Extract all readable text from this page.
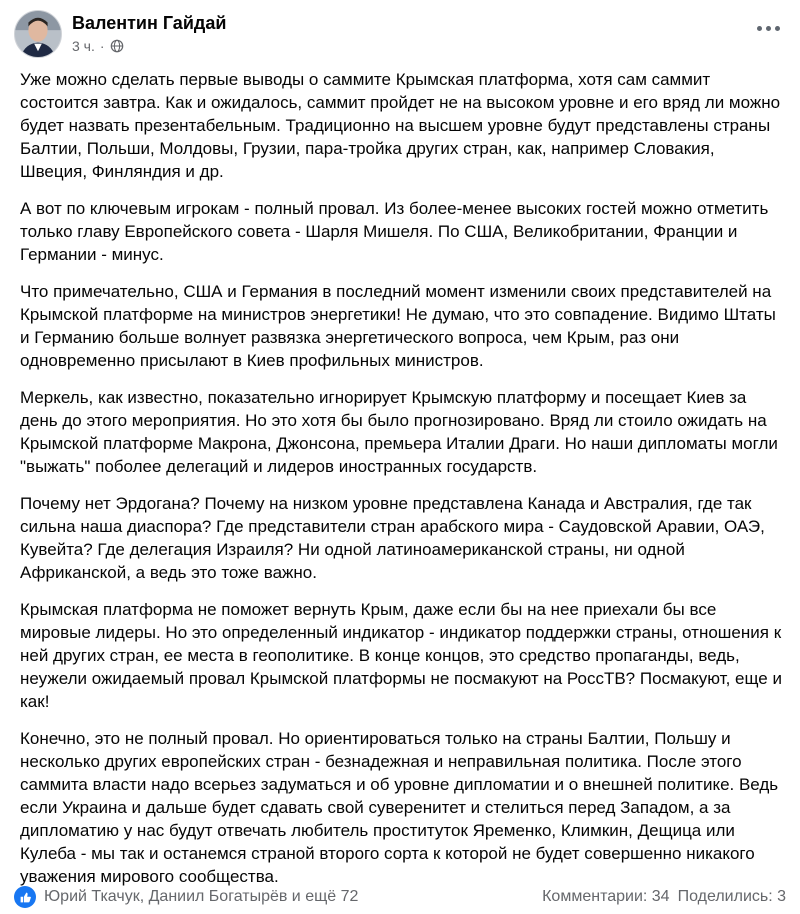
Валентин Гайдай
3 ч. ·

Уже можно сделать первые выводы о саммите Крымская платформа, хотя сам саммит состоится завтра. Как и ожидалось, саммит пройдет не на высоком уровне и его вряд ли можно будет назвать презентабельным. Традиционно на высшем уровне будут представлены страны Балтии, Польши, Молдовы, Грузии, пара-тройка других стран, как, например Словакия, Швеция, Финляндия и др.

А вот по ключевым игрокам - полный провал. Из более-менее высоких гостей можно отметить только главу Европейского совета - Шарля Мишеля. По США, Великобритании, Франции и Германии - минус.

Что примечательно, США и Германия в последний момент изменили своих представителей на Крымской платформе на министров энергетики! Не думаю, что это совпадение. Видимо Штаты и Германию больше волнует развязка энергетического вопроса, чем Крым, раз они одновременно присылают в Киев профильных министров.

Меркель, как известно, показательно игнорирует Крымскую платформу и посещает Киев за день до этого мероприятия. Но это хотя бы было прогнозировано. Вряд ли стоило ожидать на Крымской платформе Макрона, Джонсона, премьера Италии Драги. Но наши дипломаты могли "выжать" поболее делегаций и лидеров иностранных государств.

Почему нет Эрдогана? Почему на низком уровне представлена Канада и Австралия, где так сильна наша диаспора? Где представители стран арабского мира - Саудовской Аравии, ОАЭ, Кувейта? Где делегация Израиля? Ни одной латиноамериканской страны, ни одной Африканской, а ведь это тоже важно.

Крымская платформа не поможет вернуть Крым, даже если бы на нее приехали бы все мировые лидеры. Но это определенный индикатор - индикатор поддержки страны, отношения к ней других стран, ее места в геополитике. В конце концов, это средство пропаганды, ведь, неужели ожидаемый провал Крымской платформы не посмакуют на РоссТВ? Посмакуют, еще и как!

Конечно, это не полный провал. Но ориентироваться только на страны Балтии, Польшу и несколько других европейских стран - безнадежная и неправильная политика. После этого саммита власти надо всерьез задуматься и об уровне дипломатии и о внешней политике. Ведь если Украина и дальше будет сдавать свой суверенитет и стелиться перед Западом, а за дипломатию у нас будут отвечать любитель проституток Яременко, Климкин, Дещица или Кулеба - мы так и останемся страной второго сорта к которой не будет совершенно никакого уважения мирового сообщества.

Юрий Ткачук, Даниил Богатырёв и ещё 72	Комментарии: 34 Поделились: 3
